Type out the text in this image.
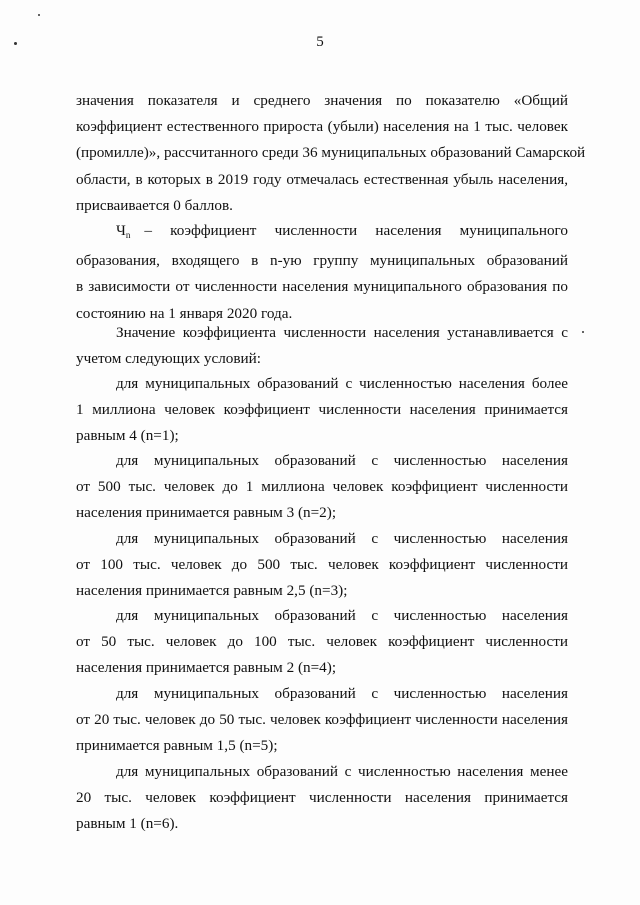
5
значения показателя и среднего значения по показателю «Общий
коэффициент естественного прироста (убыли) населения на 1 тыс. человек
(промилле)», рассчитанного среди 36 муниципальных образований Самарской
области, в которых в 2019 году отмечалась естественная убыль населения,
присваивается 0 баллов.
$Ч_n$ – коэффициент численности населения муниципального
образования, входящего в n-ую группу муниципальных образований
в зависимости от численности населения муниципального образования по
состоянию на 1 января 2020 года.
Значение коэффициента численности населения устанавливается с
учетом следующих условий:
для муниципальных образований с численностью населения более
1 миллиона человек коэффициент численности населения принимается
равным 4 (n=1);
для муниципальных образований с численностью населения
от 500 тыс. человек до 1 миллиона человек коэффициент численности
населения принимается равным 3 (n=2);
для муниципальных образований с численностью населения
от 100 тыс. человек до 500 тыс. человек коэффициент численности
населения принимается равным 2,5 (n=3);
для муниципальных образований с численностью населения
от 50 тыс. человек до 100 тыс. человек коэффициент численности
населения принимается равным 2 (n=4);
для муниципальных образований с численностью населения
от 20 тыс. человек до 50 тыс. человек коэффициент численности населения
принимается равным 1,5 (n=5);
для муниципальных образований с численностью населения менее
20 тыс. человек коэффициент численности населения принимается
равным 1 (n=6).
